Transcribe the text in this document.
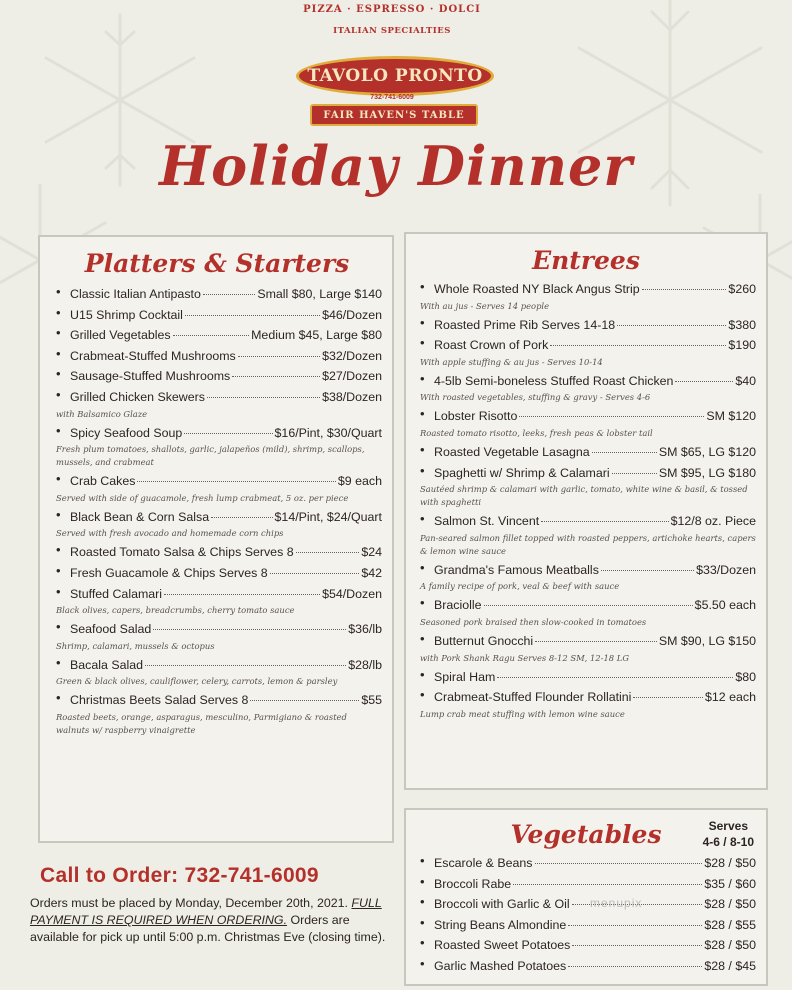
PIZZA · ESPRESSO · DOLCI
ITALIAN SPECIALTIES
TAVOLO PRONTO
732-741-6009
FAIR HAVEN'S TABLE
Holiday Dinner
Platters & Starters
• Classic Italian Antipasto	Small $80, Large $140
• U15 Shrimp Cocktail	$46/Dozen
• Grilled Vegetables	Medium $45, Large $80
• Crabmeat-Stuffed Mushrooms	$32/Dozen
• Sausage-Stuffed Mushrooms	$27/Dozen
• Grilled Chicken Skewers	$38/Dozen
with Balsamico Glaze
• Spicy Seafood Soup	$16/Pint, $30/Quart
Fresh plum tomatoes, shallots, garlic, jalapeños (mild), shrimp, scallops, mussels, and crabmeat
• Crab Cakes	$9 each
Served with side of guacamole, fresh lump crabmeat, 5 oz. per piece
• Black Bean & Corn Salsa	$14/Pint, $24/Quart
Served with fresh avocado and homemade corn chips
• Roasted Tomato Salsa & Chips Serves 8	$24
• Fresh Guacamole & Chips Serves 8	$42
• Stuffed Calamari	$54/Dozen
Black olives, capers, breadcrumbs, cherry tomato sauce
• Seafood Salad	$36/lb
Shrimp, calamari, mussels & octopus
• Bacala Salad	$28/lb
Green & black olives, cauliflower, celery, carrots, lemon & parsley
• Christmas Beets Salad Serves 8	$55
Roasted beets, orange, asparagus, mesculino, Parmigiano & roasted walnuts w/ raspberry vinaigrette
Entrees
• Whole Roasted NY Black Angus Strip	$260
With au jus - Serves 14 people
• Roasted Prime Rib Serves 14-18	$380
• Roast Crown of Pork	$190
With apple stuffing & au jus - Serves 10-14
• 4-5lb Semi-boneless Stuffed Roast Chicken	$40
With roasted vegetables, stuffing & gravy - Serves 4-6
• Lobster Risotto	SM $120
Roasted tomato risotto, leeks, fresh peas & lobster tail
• Roasted Vegetable Lasagna	SM $65, LG $120
• Spaghetti w/ Shrimp & Calamari	SM $95, LG $180
Sautéed shrimp & calamari with garlic, tomato, white wine & basil, & tossed with spaghetti
• Salmon St. Vincent	$12/8 oz. Piece
Pan-seared salmon fillet topped with roasted peppers, artichoke hearts, capers & lemon wine sauce
• Grandma's Famous Meatballs	$33/Dozen
A family recipe of pork, veal & beef with sauce
• Braciolle	$5.50 each
Seasoned pork braised then slow-cooked in tomatoes
• Butternut Gnocchi	SM $90, LG $150
with Pork Shank Ragu Serves 8-12 SM, 12-18 LG
• Spiral Ham	$80
• Crabmeat-Stuffed Flounder Rollatini	$12 each
Lump crab meat stuffing with lemon wine sauce
Vegetables	Serves
4-6 / 8-10
• Escarole & Beans	$28 / $50
• Broccoli Rabe	$35 / $60
• Broccoli with Garlic & Oil	$28 / $50
• String Beans Almondine	$28 / $55
• Roasted Sweet Potatoes	$28 / $50
• Garlic Mashed Potatoes	$28 / $45
Call to Order: 732-741-6009
Orders must be placed by Monday, December 20th, 2021. FULL PAYMENT IS REQUIRED WHEN ORDERING. Orders are available for pick up until 5:00 p.m. Christmas Eve (closing time).
menupix
